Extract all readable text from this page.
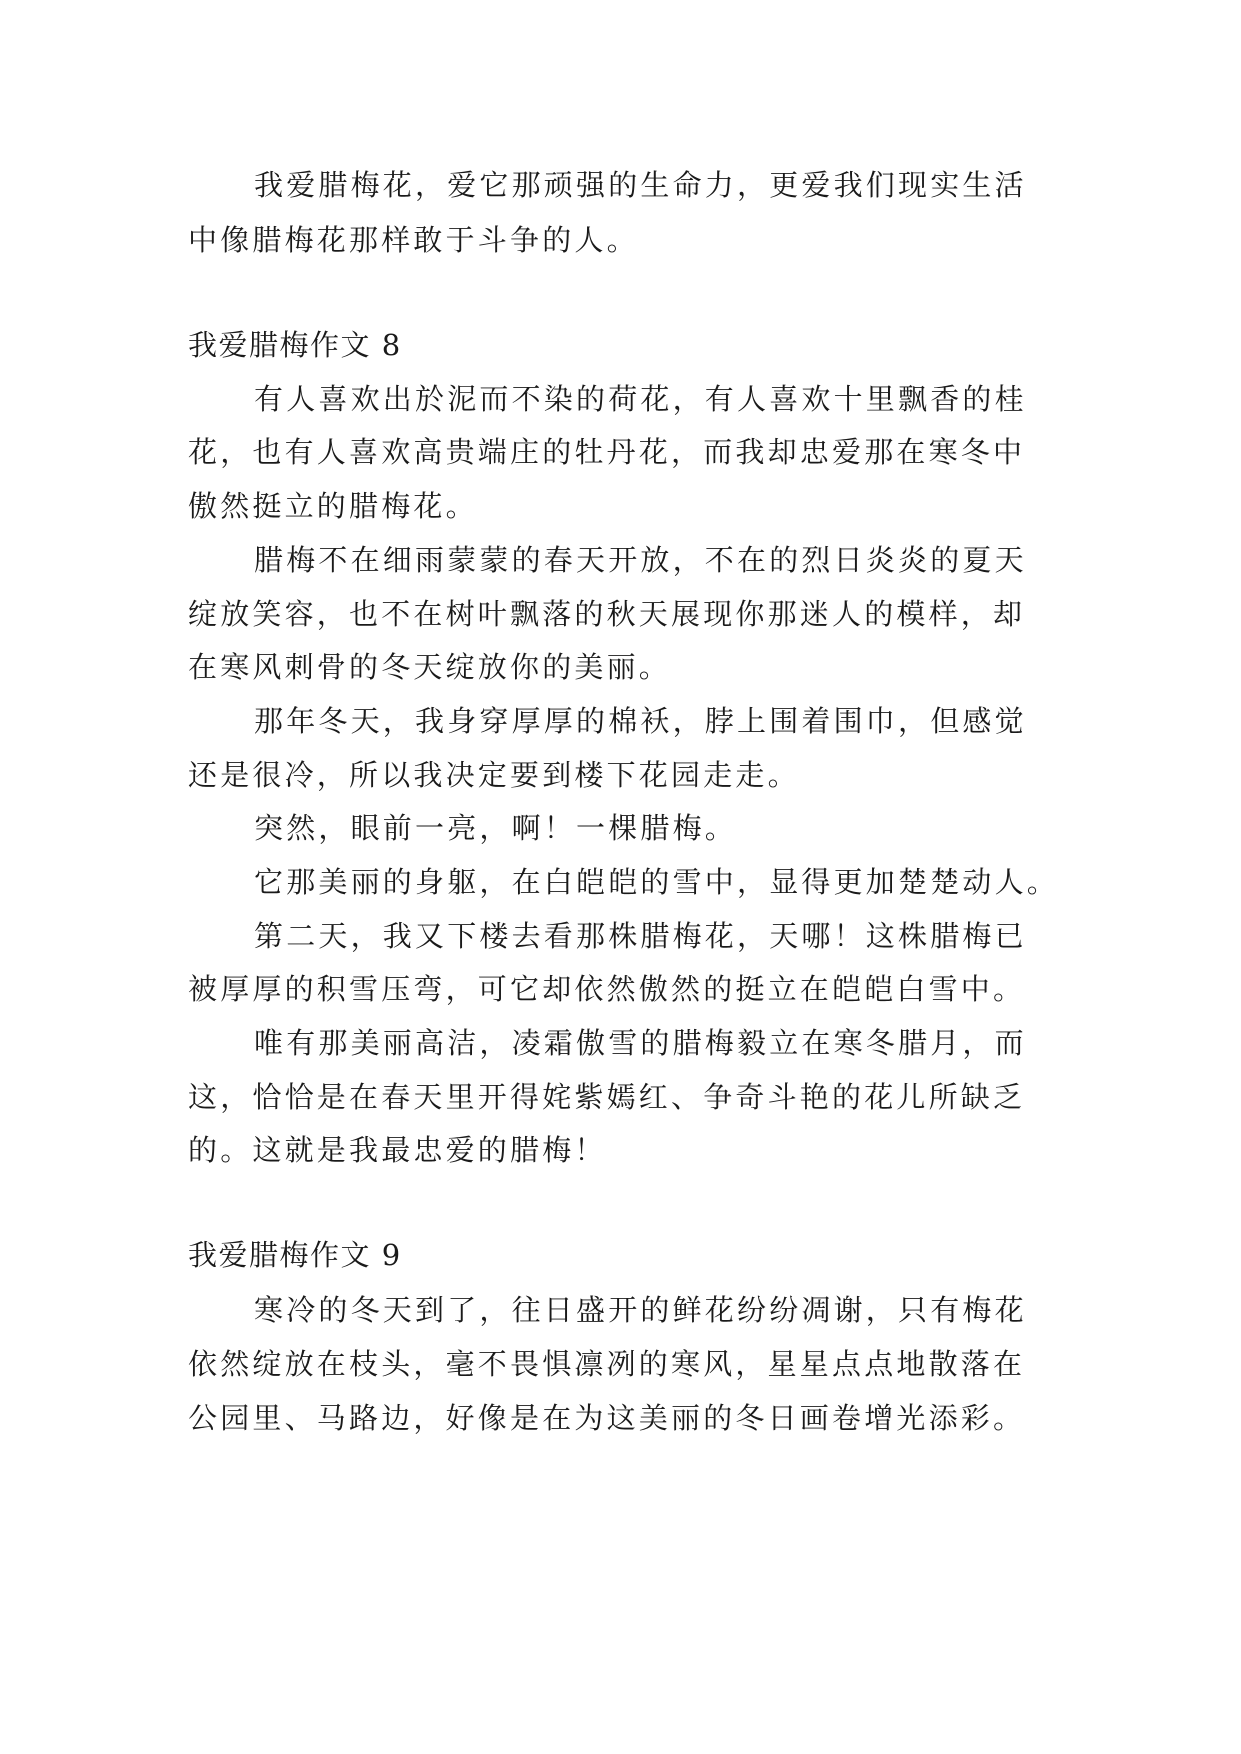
我爱腊梅花，爱它那顽强的生命力，更爱我们现实生活
中像腊梅花那样敢于斗争的人。
我爱腊梅作文 8
有人喜欢出於泥而不染的荷花，有人喜欢十里飘香的桂
花，也有人喜欢高贵端庄的牡丹花，而我却忠爱那在寒冬中
傲然挺立的腊梅花。
腊梅不在细雨蒙蒙的春天开放，不在的烈日炎炎的夏天
绽放笑容，也不在树叶飘落的秋天展现你那迷人的模样，却
在寒风刺骨的冬天绽放你的美丽。
那年冬天，我身穿厚厚的棉袄，脖上围着围巾，但感觉
还是很冷，所以我决定要到楼下花园走走。
突然，眼前一亮，啊！一棵腊梅。
它那美丽的身躯，在白皑皑的雪中，显得更加楚楚动人。
第二天，我又下楼去看那株腊梅花，天哪！这株腊梅已
被厚厚的积雪压弯，可它却依然傲然的挺立在皑皑白雪中。
唯有那美丽高洁，凌霜傲雪的腊梅毅立在寒冬腊月，而
这，恰恰是在春天里开得姹紫嫣红、争奇斗艳的花儿所缺乏
的。这就是我最忠爱的腊梅！
我爱腊梅作文 9
寒冷的冬天到了，往日盛开的鲜花纷纷凋谢，只有梅花
依然绽放在枝头，毫不畏惧凛冽的寒风，星星点点地散落在
公园里、马路边，好像是在为这美丽的冬日画卷增光添彩。
